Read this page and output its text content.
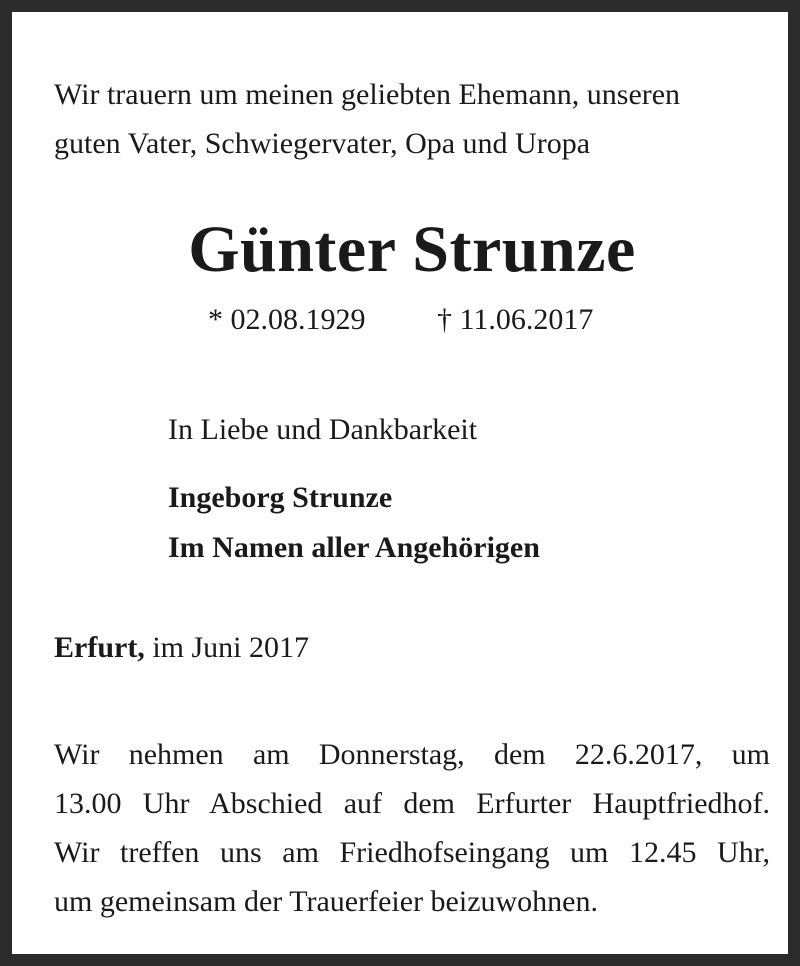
Wir trauern um meinen geliebten Ehemann, unseren
guten Vater, Schwiegervater, Opa und Uropa

Günter Strunze
* 02.08.1929 † 11.06.2017
In Liebe und Dankbarkeit
Ingeborg Strunze
Im Namen aller Angehörigen

Erfurt, im Juni 2017

Wir nehmen am Donnerstag, dem 22.6.2017, um
13.00 Uhr Abschied auf dem Erfurter Hauptfriedhof.
Wir treffen uns am Friedhofseingang um 12.45 Uhr,
um gemeinsam der Trauerfeier beizuwohnen.
